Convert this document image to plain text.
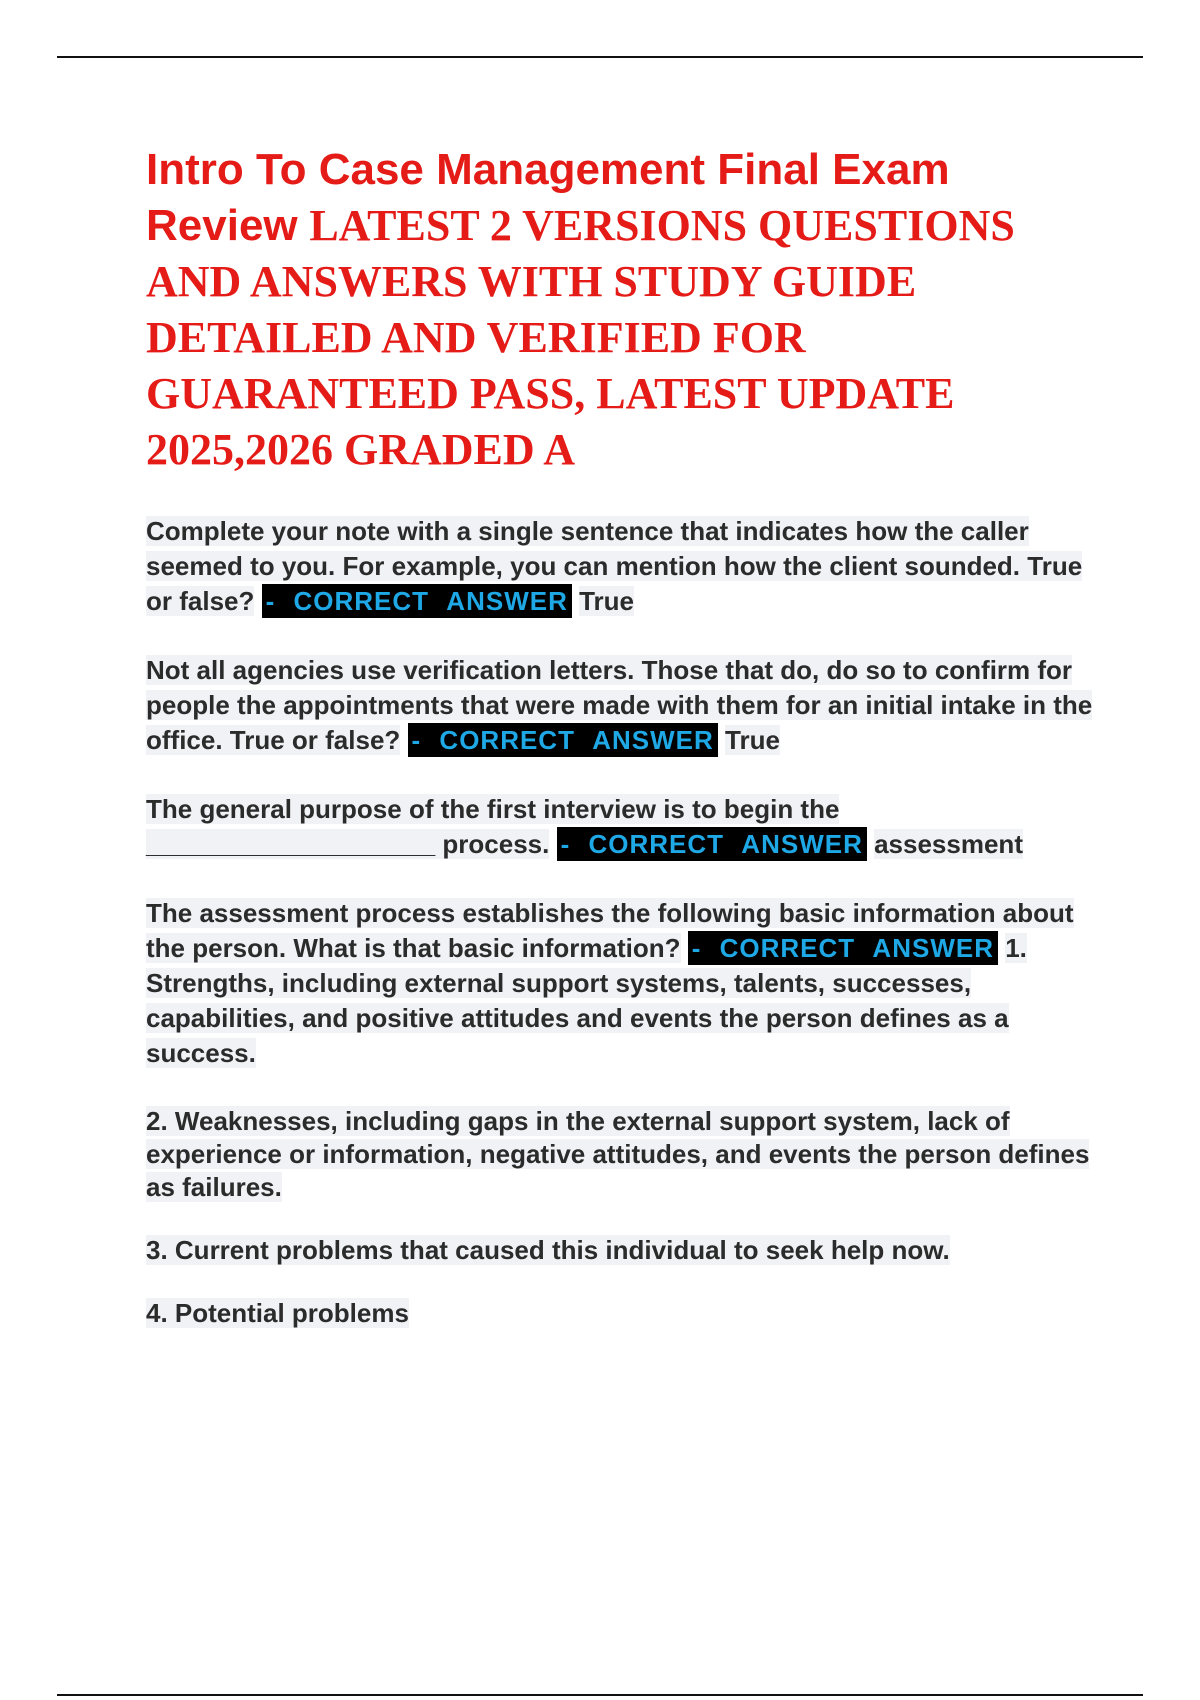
Intro To Case Management Final Exam Review LATEST 2 VERSIONS QUESTIONS AND ANSWERS WITH STUDY GUIDE DETAILED AND VERIFIED FOR GUARANTEED PASS, LATEST UPDATE 2025,2026 GRADED A

Complete your note with a single sentence that indicates how the caller seemed to you. For example, you can mention how the client sounded. True or false? - CORRECT ANSWER True

Not all agencies use verification letters. Those that do, do so to confirm for people the appointments that were made with them for an initial intake in the office. True or false? - CORRECT ANSWER True

The general purpose of the first interview is to begin the ____________________ process. - CORRECT ANSWER assessment

The assessment process establishes the following basic information about the person. What is that basic information? - CORRECT ANSWER 1. Strengths, including external support systems, talents, successes, capabilities, and positive attitudes and events the person defines as a success.

2. Weaknesses, including gaps in the external support system, lack of experience or information, negative attitudes, and events the person defines as failures.

3. Current problems that caused this individual to seek help now.

4. Potential problems
